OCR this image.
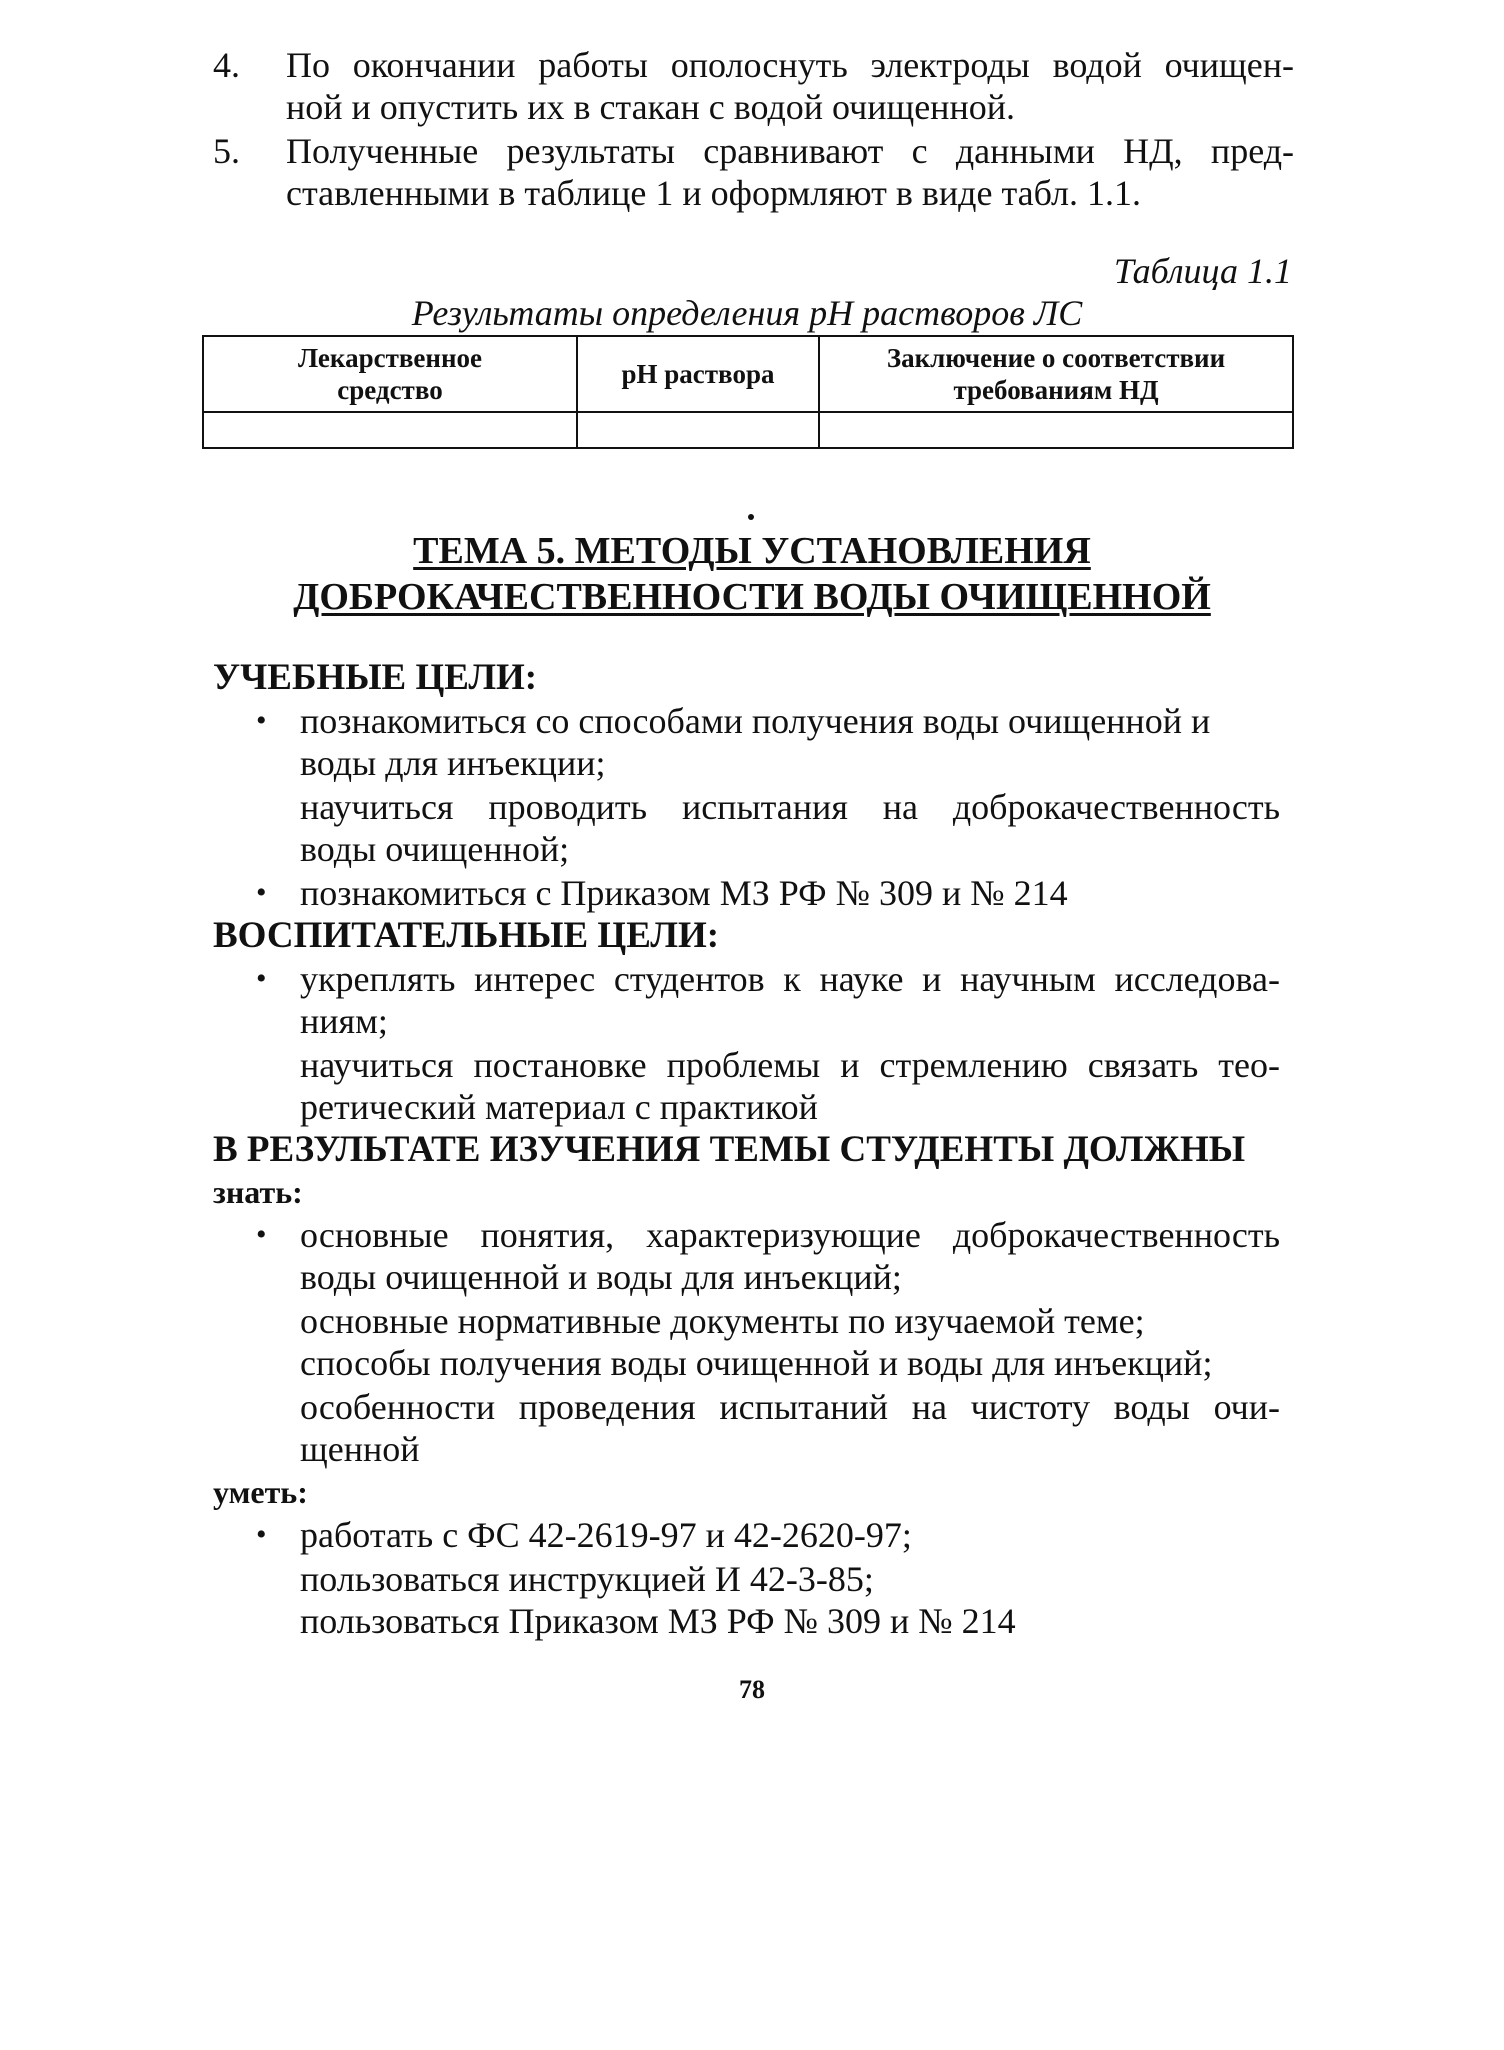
4. По окончании работы ополоснуть электроды водой очищен-
ной и опустить их в стакан с водой очищенной.
5. Полученные результаты сравнивают с данными НД, пред-
ставленными в таблице 1 и оформляют в виде табл. 1.1.
Таблица 1.1
Результаты определения pH растворов ЛС
Лекарственное
средство	pH раствора	Заключение о соответствии
требованиям НД

ТЕМА 5. МЕТОДЫ УСТАНОВЛЕНИЯ
ДОБРОКАЧЕСТВЕННОСТИ ВОДЫ ОЧИЩЕННОЙ
УЧЕБНЫЕ ЦЕЛИ:
• познакомиться со способами получения воды очищенной и
воды для инъекции;
научиться проводить испытания на доброкачественность
воды очищенной;
• познакомиться с Приказом МЗ РФ № 309 и № 214
ВОСПИТАТЕЛЬНЫЕ ЦЕЛИ:
• укреплять интерес студентов к науке и научным исследова-
ниям;
научиться постановке проблемы и стремлению связать тео-
ретический материал с практикой
В РЕЗУЛЬТАТЕ ИЗУЧЕНИЯ ТЕМЫ СТУДЕНТЫ ДОЛЖНЫ
знать:
• основные понятия, характеризующие доброкачественность
воды очищенной и воды для инъекций;
основные нормативные документы по изучаемой теме;
способы получения воды очищенной и воды для инъекций;
особенности проведения испытаний на чистоту воды очи-
щенной
уметь:
• работать с ФС 42-2619-97 и 42-2620-97;
пользоваться инструкцией И 42-3-85;
пользоваться Приказом МЗ РФ № 309 и № 214
78
